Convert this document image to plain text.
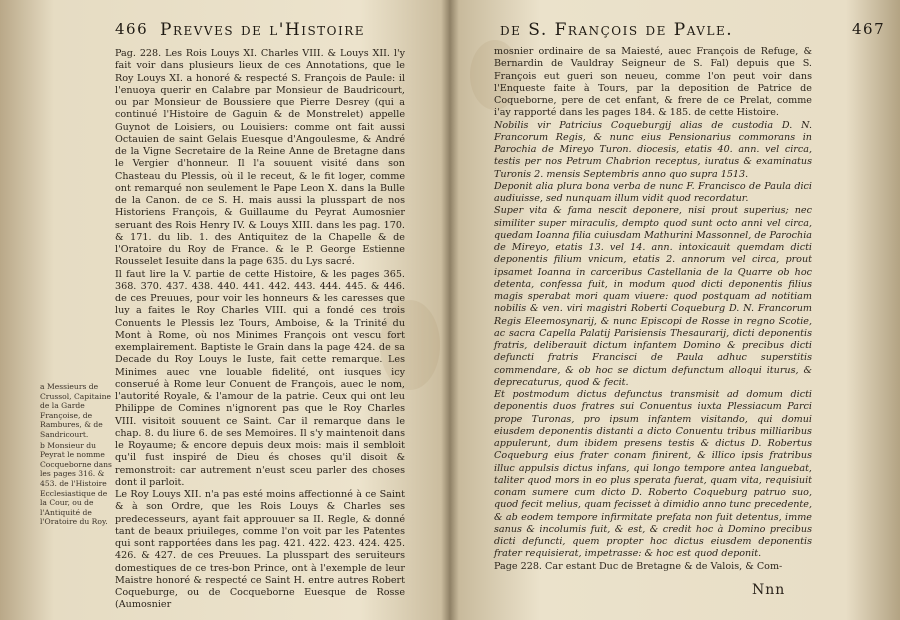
466 Prevves de l'Histoire

Pag. 228. Les Rois Louys XI. Charles VIII. & Louys XII. l'y fait voir dans plusieurs lieux de ces Annotations, que le Roy Louys XI. a honoré & respecté S. François de Paule: il l'enuoya querir en Calabre par Monsieur de Baudricourt, ou par Monsieur de Boussiere que Pierre Desrey (qui a continué l'Histoire de Gaguin & de Monstrelet) appelle Guynot de Loisiers, ou Louisiers: comme ont fait aussi Octauien de saint Gelais Euesque d'Angoulesme, & André de la Vigne Secretaire de la Reine Anne de Bretagne dans le Vergier d'honneur. Il l'a souuent visité dans son Chasteau du Plessis, où il le receut, & le fit loger, comme ont remarqué non seulement le Pape Leon X. dans la Bulle de la Canon. de ce S. H. mais aussi la plusspart de nos Historiens François, & Guillaume du Peyrat Aumosnier seruant des Rois Henry IV. & Louys XIII. dans les pag. 170. & 171. du lib. 1. des Antiquitez de la Chapelle & de l'Oratoire du Roy de France. & le P. George Estienne Rousselet Iesuite dans la page 635. du Lys sacré.

Il faut lire la V. partie de cette Histoire, & les pages 365. 368. 370. 437. 438. 440. 441. 442. 443. 444. 445. & 446. de ces Preuues, pour voir les honneurs & les caresses que luy a faites le Roy Charles VIII. qui a fondé ces trois Conuents le Plessis lez Tours, Amboise, & la Trinité du Mont à Rome, où nos Minimes François ont vescu fort exemplairement. Baptiste le Grain dans la page 424. de sa Decade du Roy Louys le Iuste, fait cette remarque. Les Minimes auec vne louable fidelité, ont iusques icy conserué à Rome leur Conuent de François, auec le nom, l'autorité Royale, & l'amour de la patrie. Ceux qui ont leu Philippe de Comines n'ignorent pas que le Roy Charles VIII. visitoit souuent ce Saint. Car il remarque dans le chap. 8. du liure 6. de ses Memoires. Il s'y maintenoit dans le Royaume; & encore depuis deux mois: mais il sembloit qu'il fust inspiré de Dieu és choses qu'il disoit & remonstroit: car autrement n'eust sceu parler des choses dont il parloit.

Le Roy Louys XII. n'a pas esté moins affectionné à ce Saint & à son Ordre, que les Rois Louys & Charles ses predecesseurs, ayant fait approuuer sa II. Regle, & donné tant de beaux priuileges, comme l'on voit par les Patentes qui sont rapportées dans les pag. 421. 422. 423. 424. 425. 426. & 427. de ces Preuues. La plusspart des seruiteurs domestiques de ce tres-bon Prince, ont à l'exemple de leur Maistre honoré & respecté ce Saint H. entre autres Robert Coqueburge, ou de Cocqueborne Euesque de Rosse (Aumosnier

a Messieurs de Crussol, Capitaine de la Garde Françoise, de Rambures, & de Sandricourt.

b Monsieur du Peyrat le nomme Cocqueborne dans les pages 316. & 453. de l'Histoire Ecclesiastique de la Cour, ou de l'Antiquité de l'Oratoire du Roy.

de S. François de Pavle.	467

mosnier ordinaire de sa Maiesté, auec François de Refuge, & Bernardin de Vauldray Seigneur de S. Fal) depuis que S. François eut gueri son neueu, comme l'on peut voir dans l'Enqueste faite à Tours, par la deposition de Patrice de Coqueborne, pere de cet enfant, & frere de ce Prelat, comme i'ay rapporté dans les pages 184. & 185. de cette Histoire.

Nobilis vir Patricius Coqueburgij alias de custodia D. N. Francorum Regis, & nunc eius Pensionarius commorans in Parochia de Mireyo Turon. diocesis, etatis 40. ann. vel circa, testis per nos Petrum Chabrion receptus, iuratus & examinatus Turonis 2. mensis Septembris anno quo supra 1513.

Deponit alia plura bona verba de nunc F. Francisco de Paula dici audiuisse, sed nunquam illum vidit quod recordatur.

Super vita & fama nescit deponere, nisi prout superius; nec similiter super miraculis, dempto quod sunt octo anni vel circa, quedam Ioanna filia cuiusdam Mathurini Massonnel, de Parochia de Mireyo, etatis 13. vel 14. ann. intoxicauit quemdam dicti deponentis filium vnicum, etatis 2. annorum vel circa, prout ipsamet Ioanna in carceribus Castellania de la Quarre ob hoc detenta, confessa fuit, in modum quod dicti deponentis filius magis sperabat mori quam viuere: quod postquam ad notitiam nobilis & ven. viri magistri Roberti Coqueburg D. N. Francorum Regis Eleemosynarij, & nunc Episcopi de Rosse in regno Scotie, ac sacra Capella Palatij Parisiensis Thesaurarij, dicti deponentis fratris, deliberauit dictum infantem Domino & precibus dicti defuncti fratris Francisci de Paula adhuc superstitis commendare, & ob hoc se dictum defunctum alloqui iturus, & deprecaturus, quod & fecit.

Et postmodum dictus defunctus transmisit ad domum dicti deponentis duos fratres sui Conuentus iuxta Plessiacum Parci prope Turonas, pro ipsum infantem visitando, qui domui eiusdem deponentis distanti a dicto Conuentu tribus milliaribus appulerunt, dum ibidem presens testis & dictus D. Robertus Coqueburg eius frater conam finirent, & illico ipsis fratribus illuc appulsis dictus infans, qui longo tempore antea languebat, taliter quod mors in eo plus sperata fuerat, quam vita, requisiuit conam sumere cum dicto D. Roberto Coqueburg patruo suo, quod fecit melius, quam fecisset à dimidio anno tunc precedente, & ab eodem tempore infirmitate prefata non fuit detentus, imme sanus & incolumis fuit, & est, & credit hoc à Domino precibus dicti defuncti, quem propter hoc dictus eiusdem deponentis frater requisierat, impetrasse: & hoc est quod deponit.

Page 228. Car estant Duc de Bretagne & de Valois, & Com-

Nnn
